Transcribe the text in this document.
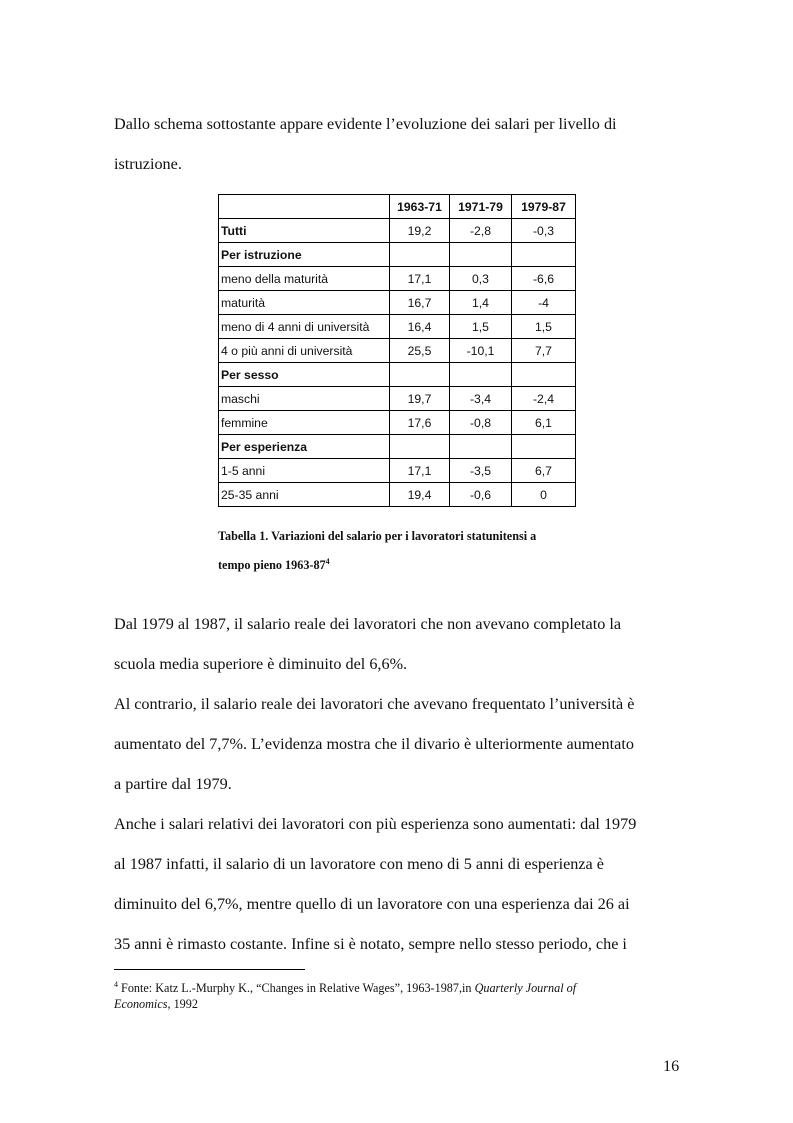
Dallo schema sottostante appare evidente l’evoluzione dei salari per livello di
istruzione.

	1963-71	1971-79	1979-87
Tutti	19,2	-2,8	-0,3
Per istruzione			
meno della maturità	17,1	0,3	-6,6
maturità	16,7	1,4	-4
meno di 4 anni di università	16,4	1,5	1,5
4 o più anni di università	25,5	-10,1	7,7
Per sesso			
maschi	19,7	-3,4	-2,4
femmine	17,6	-0,8	6,1
Per esperienza			
1-5 anni	17,1	-3,5	6,7
25-35 anni	19,4	-0,6	0
Tabella 1. Variazioni del salario per i lavoratori statunitensi a
tempo pieno $1963-87^4$

Dal 1979 al 1987, il salario reale dei lavoratori che non avevano completato la
scuola media superiore è diminuito del 6,6%.
Al contrario, il salario reale dei lavoratori che avevano frequentato l’università è
aumentato del 7,7%. L’evidenza mostra che il divario è ulteriormente aumentato
a partire dal 1979.
Anche i salari relativi dei lavoratori con più esperienza sono aumentati: dal 1979
al 1987 infatti, il salario di un lavoratore con meno di 5 anni di esperienza è
diminuito del 6,7%, mentre quello di un lavoratore con una esperienza dai 26 ai
35 anni è rimasto costante. Infine si è notato, sempre nello stesso periodo, che i

$^4$ Fonte: Katz L.-Murphy K., “Changes in Relative Wages”, 1963-1987,in Quarterly Journal of
Economics, 1992
16
